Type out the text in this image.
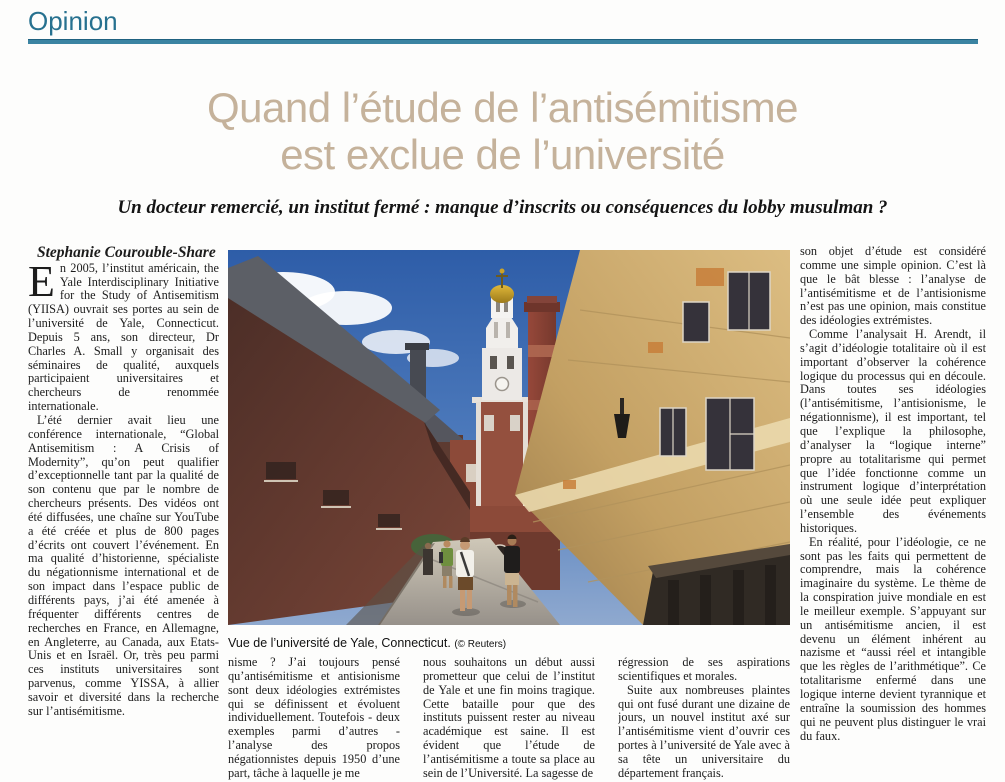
Opinion
Quand l’étude de l’antisémitisme
est exclue de l’université
Un docteur remercié, un institut fermé : manque d’inscrits ou conséquences du lobby musulman ?

Stephanie Courouble-Share

En 2005, l’institut américain, the Yale Interdisciplinary Initiative for the Study of Antisemitism (YIISA) ouvrait ses portes au sein de l’université de Yale, Connecticut. Depuis 5 ans, son directeur, Dr Charles A. Small y organisait des séminaires de qualité, auxquels participaient universitaires et chercheurs de renommée internationale.

L’été dernier avait lieu une conférence internationale, “Global Antisemitism : A Crisis of Modernity”, qu’on peut qualifier d’exceptionnelle tant par la qualité de son contenu que par le nombre de chercheurs présents. Des vidéos ont été diffusées, une chaîne sur YouTube a été créée et plus de 800 pages d’écrits ont couvert l’événement. En ma qualité d’historienne, spécialiste du négationnisme international et de son impact dans l’espace public de différents pays, j’ai été amenée à fréquenter différents centres de recherches en France, en Allemagne, en Angleterre, au Canada, aux Etats-Unis et en Israël. Or, très peu parmi ces instituts universitaires sont parvenus, comme YISSA, à allier savoir et diversité dans la recherche sur l’antisémitisme.

Vue de l’université de Yale, Connecticut. (© Reuters)

nisme ? J’ai toujours pensé qu’antisémitisme et antisionisme sont deux idéologies extrémistes qui se définissent et évoluent individuellement. Toutefois - deux exemples parmi d’autres - l’analyse des propos négationnistes depuis 1950 d’une part, tâche à laquelle je me

nous souhaitons un début aussi prometteur que celui de l’institut de Yale et une fin moins tragique. Cette bataille pour que des instituts puissent rester au niveau académique est saine. Il est évident que l’étude de l’antisémitisme a toute sa place au sein de l’Université. La sagesse de

régression de ses aspirations scientifiques et morales.

Suite aux nombreuses plaintes qui ont fusé durant une dizaine de jours, un nouvel institut axé sur l’antisémitisme vient d’ouvrir ces portes à l’université de Yale avec à sa tête un universitaire du département français.

son objet d’étude est considéré comme une simple opinion. C’est là que le bât blesse : l’analyse de l’antisémitisme et de l’antisionisme n’est pas une opinion, mais constitue des idéologies extrémistes.

Comme l’analysait H. Arendt, il s’agit d’idéologie totalitaire où il est important d’observer la cohérence logique du processus qui en découle. Dans toutes ses idéologies (l’antisémitisme, l’antisionisme, le négationnisme), il est important, tel que l’explique la philosophe, d’analyser la “logique interne” propre au totalitarisme qui permet que l’idée fonctionne comme un instrument logique d’interprétation où une seule idée peut expliquer l’ensemble des événements historiques.

En réalité, pour l’idéologie, ce ne sont pas les faits qui permettent de comprendre, mais la cohérence imaginaire du système. Le thème de la conspiration juive mondiale en est le meilleur exemple. S’appuyant sur un antisémitisme ancien, il est devenu un élément inhérent au nazisme et “aussi réel et intangible que les règles de l’arithmétique”. Ce totalitarisme enfermé dans une logique interne devient tyrannique et entraîne la soumission des hommes qui ne peuvent plus distinguer le vrai du faux.
